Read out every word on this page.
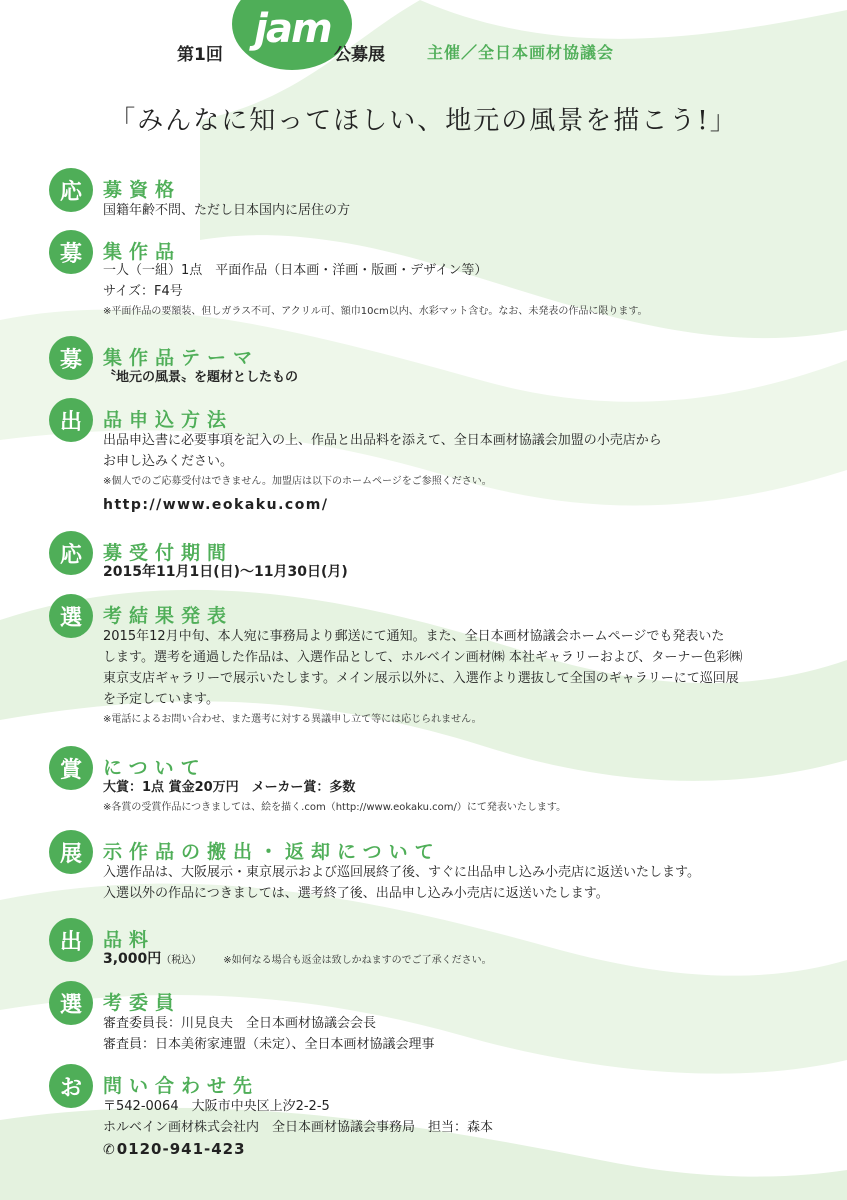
jam
第1回	公募展	主催／全日本画材協議会
「みんなに知ってほしい、地元の風景を描こう!」
応	募資格
国籍年齢不問、ただし日本国内に居住の方
募	集作品
一人（一組）1点　平面作品（日本画・洋画・版画・デザイン等）
サイズ：F4号
※平面作品の要額装、但しガラス不可、アクリル可、額巾10cm以内、水彩マット含む。なお、未発表の作品に限ります。
募	集作品テーマ
〝地元の風景〟を題材としたもの
出	品申込方法
出品申込書に必要事項を記入の上、作品と出品料を添えて、全日本画材協議会加盟の小売店から
お申し込みください。
※個人でのご応募受付はできません。加盟店は以下のホームページをご参照ください。
http://www.eokaku.com/
応	募受付期間
2015年11月1日(日)～11月30日(月)
選	考結果発表
2015年12月中旬、本人宛に事務局より郵送にて通知。また、全日本画材協議会ホームページでも発表いた
します。選考を通過した作品は、入選作品として、ホルベイン画材㈱ 本社ギャラリーおよび、ターナー色彩㈱
東京支店ギャラリーで展示いたします。メイン展示以外に、入選作より選抜して全国のギャラリーにて巡回展
を予定しています。
※電話によるお問い合わせ、また選考に対する異議申し立て等には応じられません。
賞	について
大賞：1点 賞金20万円　メーカー賞：多数
※各賞の受賞作品につきましては、絵を描く.com（http://www.eokaku.com/）にて発表いたします。
展	示作品の搬出・返却について
入選作品は、大阪展示・東京展示および巡回展終了後、すぐに出品申し込み小売店に返送いたします。
入選以外の作品につきましては、選考終了後、出品申し込み小売店に返送いたします。
出	品料
3,000円（税込） ※如何なる場合も返金は致しかねますのでご了承ください。
選	考委員
審査委員長：川見良夫　全日本画材協議会会長
審査員：日本美術家連盟（未定）、全日本画材協議会理事
お	問い合わせ先
〒542-0064　大阪市中央区上汐2-2-5
ホルベイン画材株式会社内　全日本画材協議会事務局　担当：森本
✆ 0120-941-423
